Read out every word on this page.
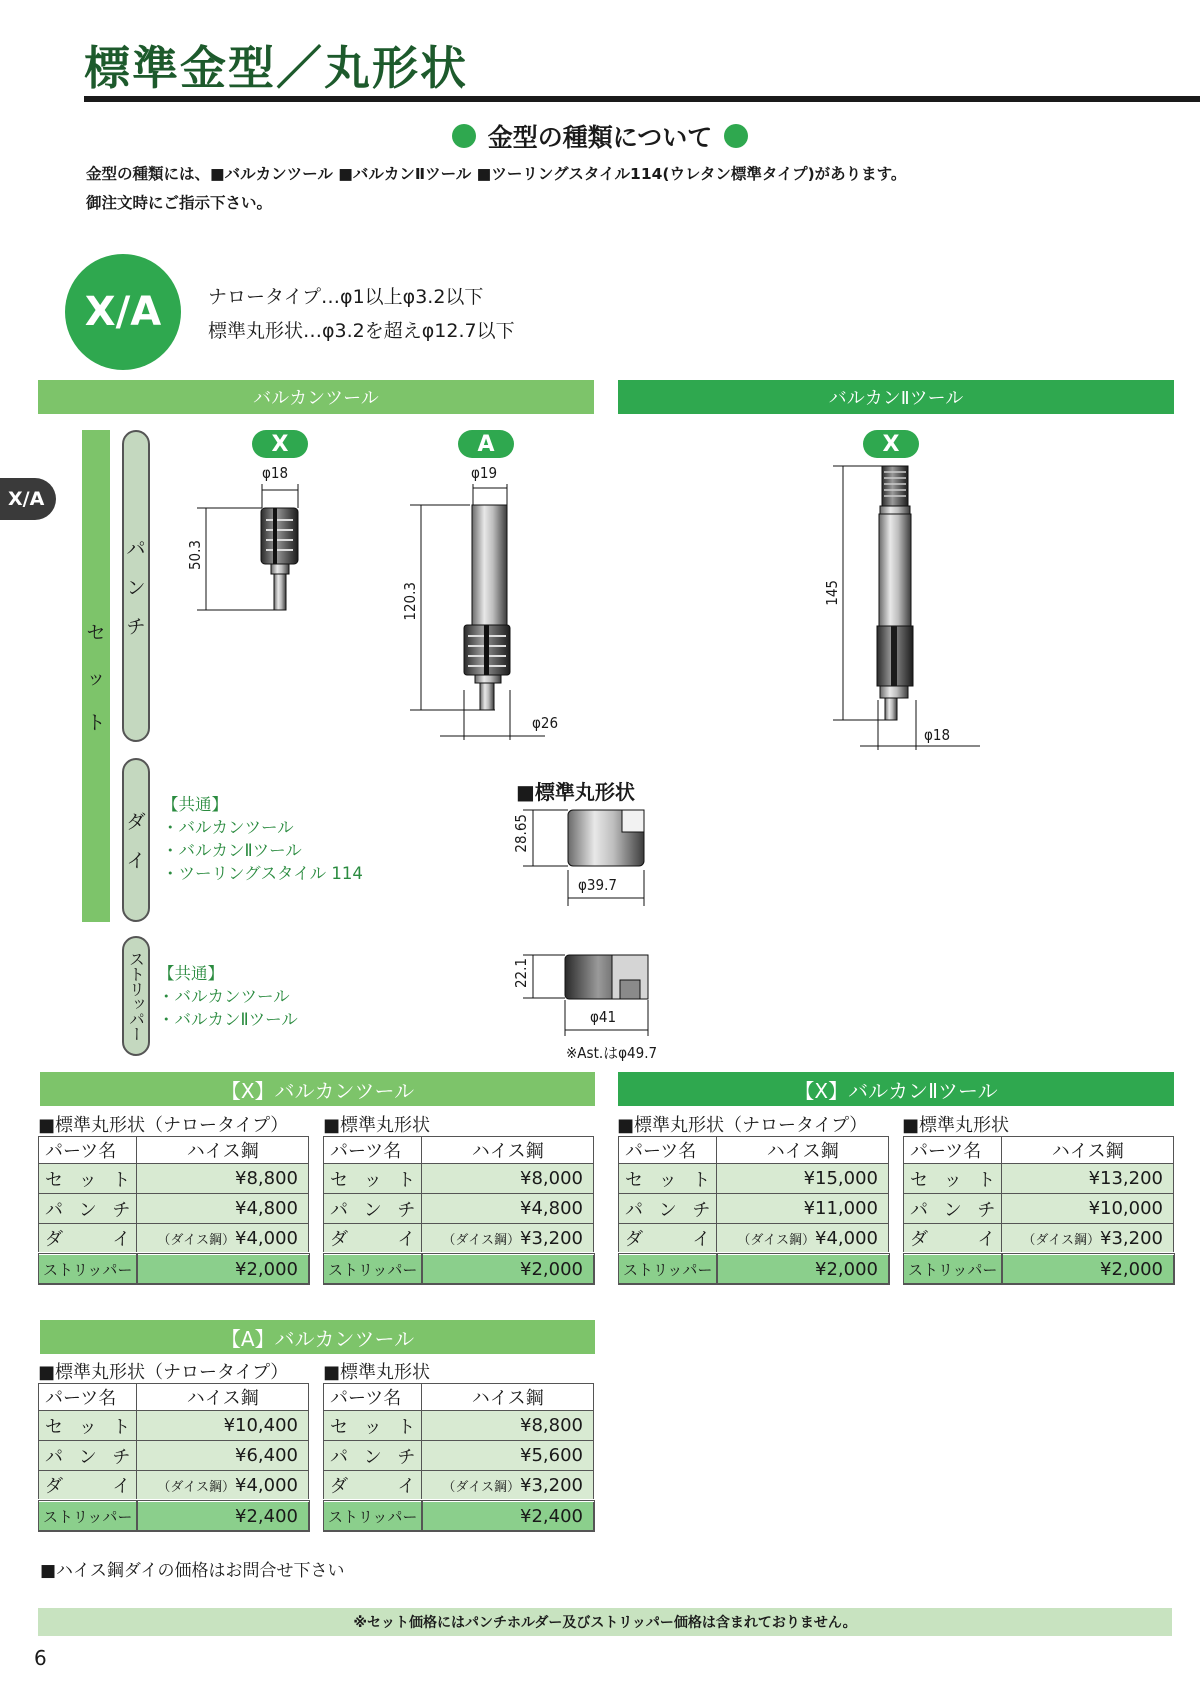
標準金型／丸形状
金型の種類について
金型の種類には、■バルカンツール ■バルカンⅡツール ■ツーリングスタイル114(ウレタン標準タイプ)があります。
御注文時にご指示下さい。
X/A	ナロータイプ…φ1以上φ3.2以下
標準丸形状…φ3.2を超えφ12.7以下
X/A
バルカンツール	バルカンⅡツール
セ
ッ
ト
パ
ン
チ
ダ
イ
ストリッパー
X	A	X
φ18
50.3
φ19
120.3
φ26
145
φ18
■標準丸形状
28.65
φ39.7
22.1
φ41
※Ast.はφ49.7
【共通】
・バルカンツール
・バルカンⅡツール
・ツーリングスタイル 114
【共通】
・バルカンツール
・バルカンⅡツール
【X】バルカンツール	【X】バルカンⅡツール
【A】バルカンツール
■標準丸形状（ナロータイプ） ■標準丸形状	■標準丸形状（ナロータイプ） ■標準丸形状
■標準丸形状（ナロータイプ） ■標準丸形状
パーツ名	ハイス鋼
セット	¥8,800
パンチ	¥4,800
ダイ	（ダイス鋼）¥4,000
ストリッパー	¥2,000
パーツ名	ハイス鋼
セット	¥8,000
パンチ	¥4,800
ダイ	（ダイス鋼）¥3,200
ストリッパー	¥2,000
パーツ名	ハイス鋼
セット	¥15,000
パンチ	¥11,000
ダイ	（ダイス鋼）¥4,000
ストリッパー	¥2,000
パーツ名	ハイス鋼
セット	¥13,200
パンチ	¥10,000
ダイ	（ダイス鋼）¥3,200
ストリッパー	¥2,000
パーツ名	ハイス鋼
セット	¥10,400
パンチ	¥6,400
ダイ	（ダイス鋼）¥4,000
ストリッパー	¥2,400
パーツ名	ハイス鋼
セット	¥8,800
パンチ	¥5,600
ダイ	（ダイス鋼）¥3,200
ストリッパー	¥2,400
■ハイス鋼ダイの価格はお問合せ下さい
※セット価格にはパンチホルダー及びストリッパー価格は含まれておりません。
6
